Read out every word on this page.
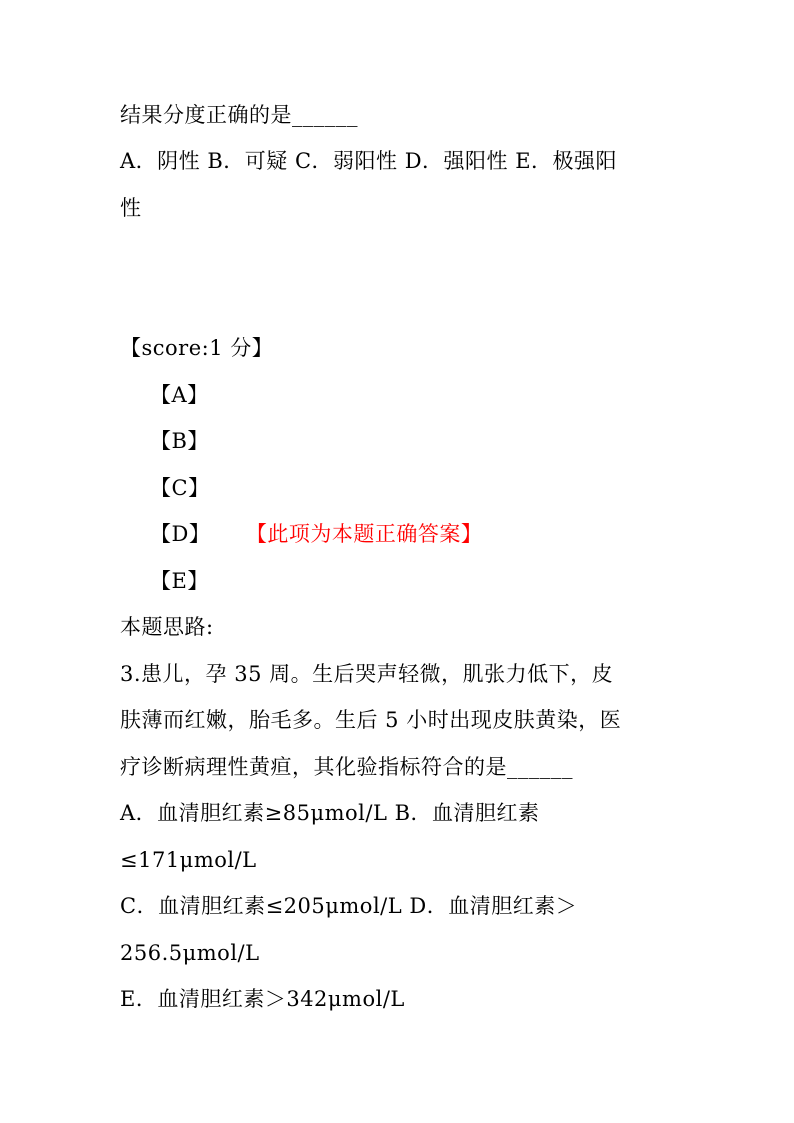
结果分度正确的是______
A．阴性 B．可疑 C．弱阳性 D．强阳性 E．极强阳
性
【score:1 分】
【A】
【B】
【C】
【D】 【此项为本题正确答案】
【E】
本题思路:
3.患儿，孕 35 周。生后哭声轻微，肌张力低下，皮
肤薄而红嫩，胎毛多。生后 5 小时出现皮肤黄染，医
疗诊断病理性黄疸，其化验指标符合的是______
A．血清胆红素≥85μmol/L B．血清胆红素
≤171μmol/L
C．血清胆红素≤205μmol/L D．血清胆红素＞
256.5μmol/L
E．血清胆红素＞342μmol/L
